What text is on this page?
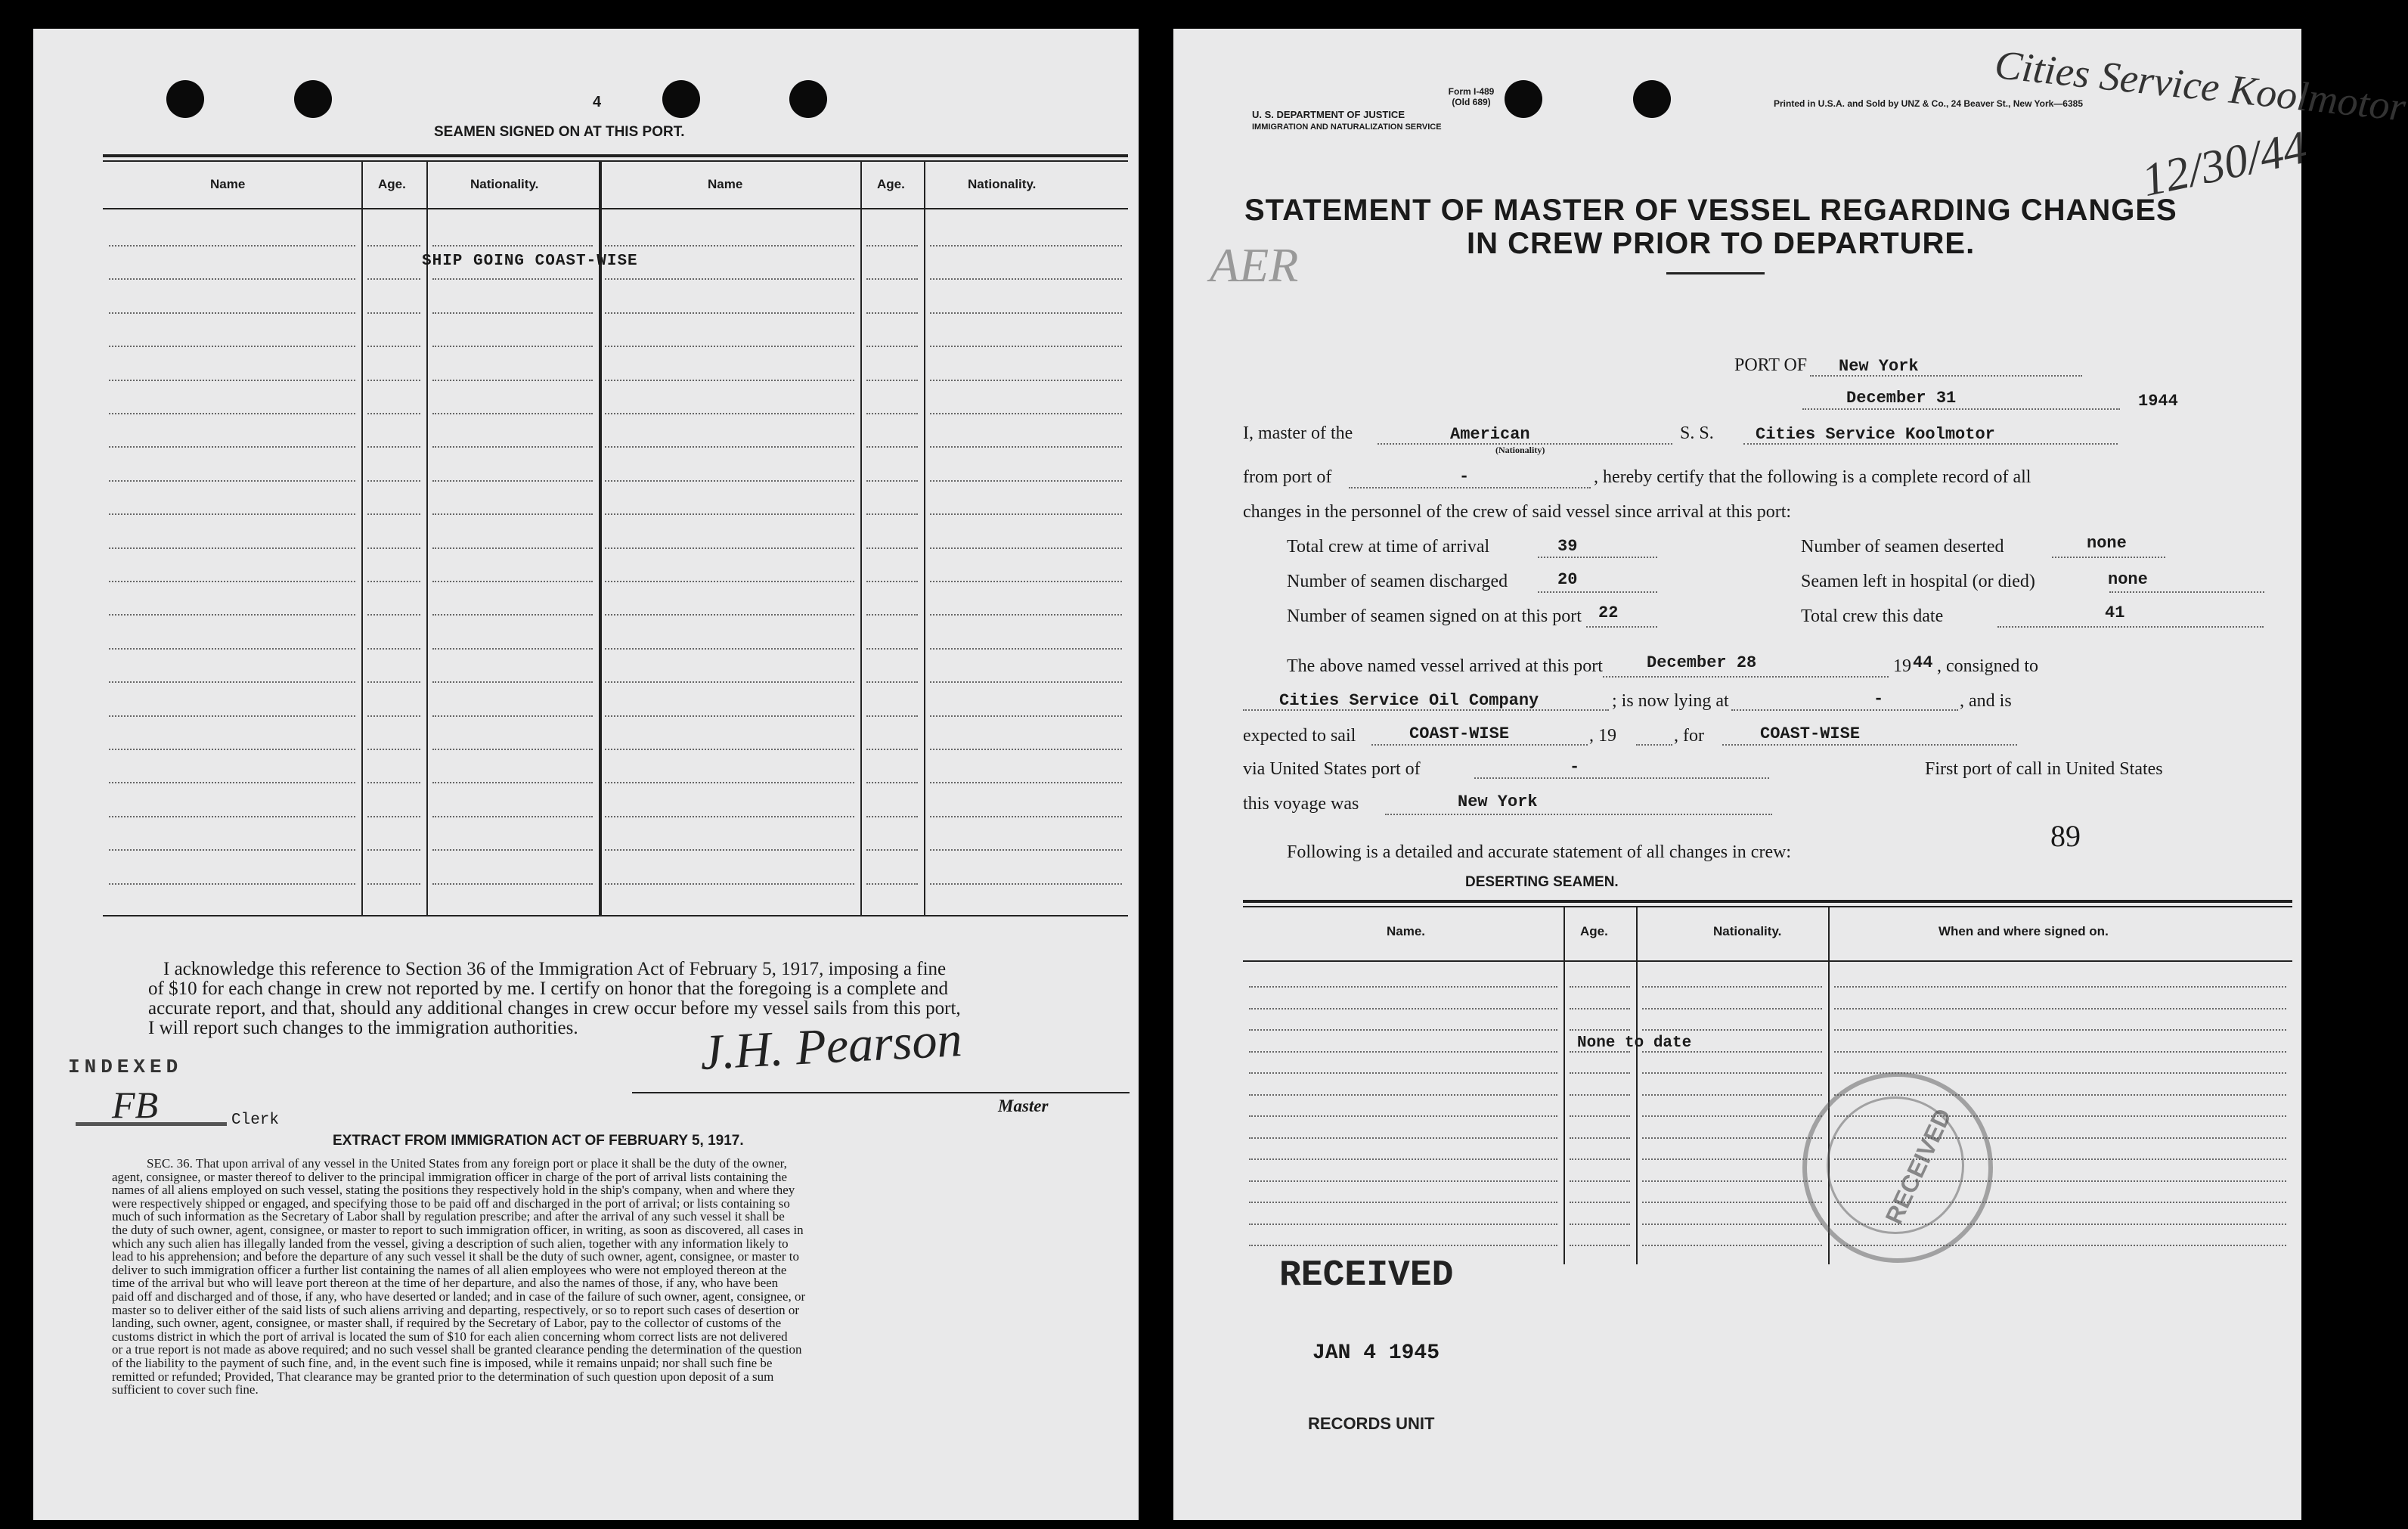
4
SEAMEN SIGNED ON AT THIS PORT.
Name	Age.	Nationality.	Name	Age.	Nationality.
SHIP GOING COAST-WISE
I acknowledge this reference to Section 36 of the Immigration Act of February 5, 1917, imposing a fine
of $10 for each change in crew not reported by me. I certify on honor that the foregoing is a complete and
accurate report, and that, should any additional changes in crew occur before my vessel sails from this port,
I will report such changes to the immigration authorities.
INDEXED
FB	Clerk
J.H. Pearson
Master
EXTRACT FROM IMMIGRATION ACT OF FEBRUARY 5, 1917.
SEC. 36. That upon arrival of any vessel in the United States from any foreign port or place it shall be the duty of the owner,
agent, consignee, or master thereof to deliver to the principal immigration officer in charge of the port of arrival lists containing the
names of all aliens employed on such vessel, stating the positions they respectively hold in the ship's company, when and where they
were respectively shipped or engaged, and specifying those to be paid off and discharged in the port of arrival; or lists containing so
much of such information as the Secretary of Labor shall by regulation prescribe; and after the arrival of any such vessel it shall be
the duty of such owner, agent, consignee, or master to report to such immigration officer, in writing, as soon as discovered, all cases in
which any such alien has illegally landed from the vessel, giving a description of such alien, together with any information likely to
lead to his apprehension; and before the departure of any such vessel it shall be the duty of such owner, agent, consignee, or master to
deliver to such immigration officer a further list containing the names of all alien employees who were not employed thereon at the
time of the arrival but who will leave port thereon at the time of her departure, and also the names of those, if any, who have been
paid off and discharged and of those, if any, who have deserted or landed; and in case of the failure of such owner, agent, consignee, or
master so to deliver either of the said lists of such aliens arriving and departing, respectively, or so to report such cases of desertion or
landing, such owner, agent, consignee, or master shall, if required by the Secretary of Labor, pay to the collector of customs of the
customs district in which the port of arrival is located the sum of $10 for each alien concerning whom correct lists are not delivered
or a true report is not made as above required; and no such vessel shall be granted clearance pending the determination of the question
of the liability to the payment of such fine, and, in the event such fine is imposed, while it remains unpaid; nor shall such fine be
remitted or refunded; Provided, That clearance may be granted prior to the determination of such question upon deposit of a sum
sufficient to cover such fine.
Form I-489
(Old 689)
U. S. DEPARTMENT OF JUSTICE
IMMIGRATION AND NATURALIZATION SERVICE
Printed in U.S.A. and Sold by UNZ & Co., 24 Beaver St., New York—6385
Cities Service Koolmotor
12/30/44
AER
STATEMENT OF MASTER OF VESSEL REGARDING CHANGES
IN CREW PRIOR TO DEPARTURE.
PORT OF New York
December 31	1944
I, master of the	American
(Nationality)
S. S.	Cities Service Koolmotor
from port of	-	, hereby certify that the following is a complete record of all
changes in the personnel of the crew of said vessel since arrival at this port:
Total crew at time of arrival	39	Number of seamen deserted	none
Number of seamen discharged	20	Seamen left in hospital (or died)	none
Number of seamen signed on at this port 22	Total crew this date	41
The above named vessel arrived at this port	December 28	19 44 , consigned to
Cities Service Oil Company	; is now lying at	-	, and is
expected to sail	COAST-WISE	, 19	, for	COAST-WISE
via United States port of	-	First port of call in United States
this voyage was	New York
89
Following is a detailed and accurate statement of all changes in crew:
DESERTING SEAMEN.
Name.	Age.	Nationality.	When and where signed on.
None to date
RECEIVED
RECEIVED
JAN 4 1945
RECORDS UNIT
